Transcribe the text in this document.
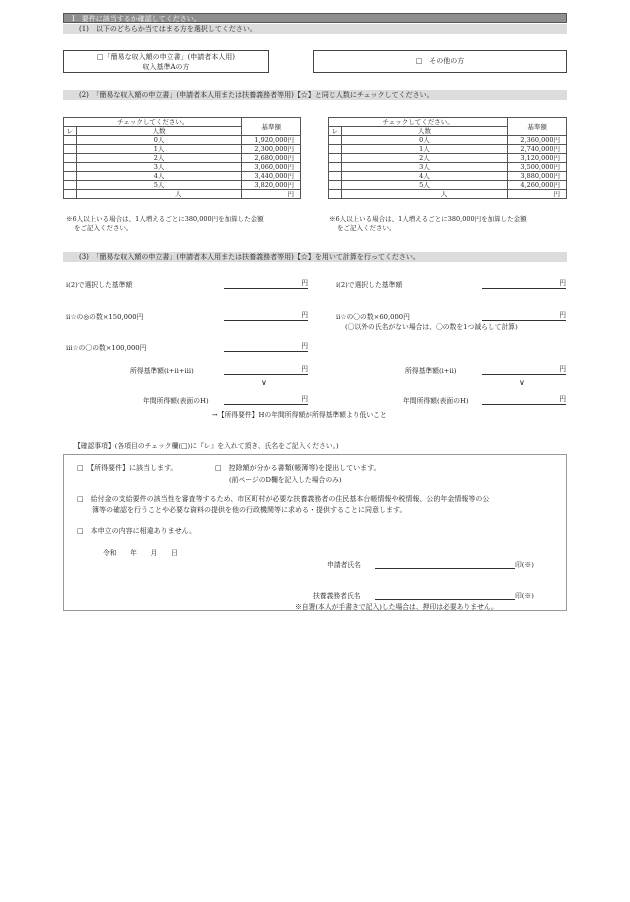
Ⅰ　要件に該当するか確認してください。
(1)　以下のどちらか当てはまる方を選択してください。
□「簡易な収入額の申立書」(申請者本人用)
収入基準Aの方
□　その他の方
(2)　「簡易な収入額の申立書」(申請者本人用または扶養義務者等用)【☆】と同じ人数にチェックしてください。
チェックしてください。		基準額
レ	人数	
	0人	1,920,000円
	1人	2,300,000円
	2人	2,680,000円
	3人	3,060,000円
	4人	3,440,000円
	5人	3,820,000円
	人	円
※6人以上いる場合は、1人増えるごとに380,000円を加算した金額
をご記入ください。
チェックしてください。		基準額
レ	人数	
	0人	2,360,000円
	1人	2,740,000円
	2人	3,120,000円
	3人	3,500,000円
	4人	3,880,000円
	5人	4,260,000円
	人	円
※6人以上いる場合は、1人増えるごとに380,000円を加算した金額
をご記入ください。
(3)　「簡易な収入額の申立書」(申請者本人用または扶養義務者等用)【☆】を用いて計算を行ってください。
ⅰ(2)で選択した基準額	円
ⅱ☆の◎の数×150,000円	円
ⅲ☆の〇の数×100,000円	円
所得基準額(ⅰ+ⅱ+ⅲ)	円
∨
年間所得額(表面のH)	円
ⅰ(2)で選択した基準額	円
ⅱ☆の〇の数×60,000円	円
(〇以外の氏名がない場合は、〇の数を1つ減らして計算)
所得基準額(ⅰ+ⅱ)	円
∨
年間所得額(表面のH)	円
→【所得要件】Hの年間所得額が所得基準額より低いこと
【確認事項】(各項目のチェック欄(□)に『レ』を入れて頂き、氏名をご記入ください。)
□　【所得要件】に該当します。	□　控除額が分かる書類(帳簿等)を提出しています。
(前ページのD欄を記入した場合のみ)
□　給付金の支給要件の該当性を審査等するため、市区町村が必要な扶養義務者の住民基本台帳情報や税情報、公的年金情報等の公
簿等の確認を行うことや必要な資料の提供を他の行政機関等に求める・提供することに同意します。
□　本申立の内容に相違ありません。
令和　　年　　月　　日
申請者氏名	印(※)
扶養義務者氏名	印(※)
※自署(本人が手書きで記入)した場合は、押印は必要ありません。
